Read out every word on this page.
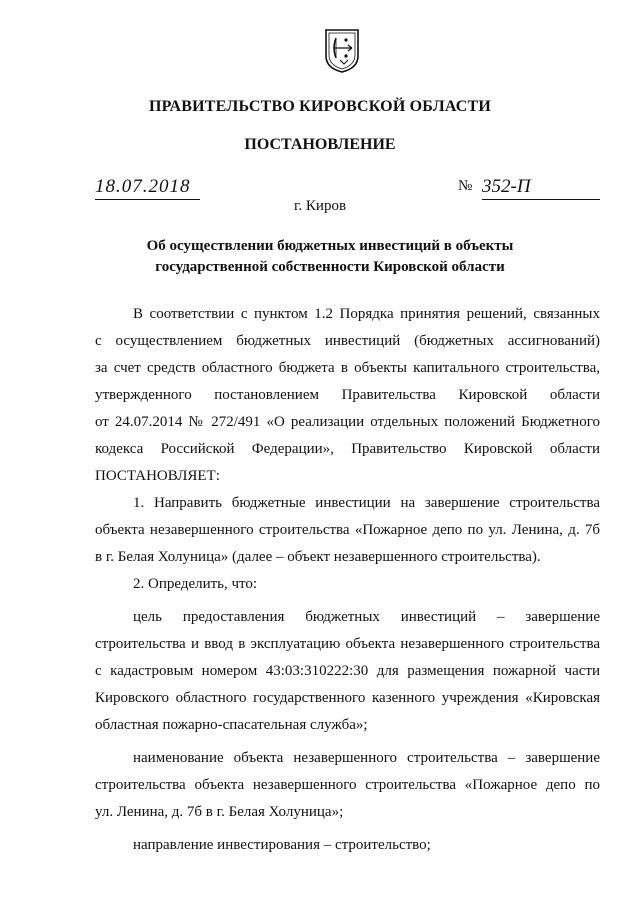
ПРАВИТЕЛЬСТВО КИРОВСКОЙ ОБЛАСТИ
ПОСТАНОВЛЕНИЕ
18.07.2018	№ 352-П
г. Киров
Об осуществлении бюджетных инвестиций в объекты
государственной собственности Кировской области

В соответствии с пунктом 1.2 Порядка принятия решений, связанных

с осуществлением бюджетных инвестиций (бюджетных ассигнований)

за счет средств областного бюджета в объекты капитального строительства,

утвержденного постановлением Правительства Кировской области

от 24.07.2014 № 272/491 «О реализации отдельных положений Бюджетного

кодекса Российской Федерации», Правительство Кировской области

ПОСТАНОВЛЯЕТ:

1. Направить бюджетные инвестиции на завершение строительства

объекта незавершенного строительства «Пожарное депо по ул. Ленина, д. 7б

в г. Белая Холуница» (далее – объект незавершенного строительства).

2. Определить, что:

цель предоставления бюджетных инвестиций – завершение

строительства и ввод в эксплуатацию объекта незавершенного строительства

с кадастровым номером 43:03:310222:30 для размещения пожарной части

Кировского областного государственного казенного учреждения «Кировская

областная пожарно-спасательная служба»;

наименование объекта незавершенного строительства – завершение

строительства объекта незавершенного строительства «Пожарное депо по

ул. Ленина, д. 7б в г. Белая Холуница»;

направление инвестирования – строительство;
